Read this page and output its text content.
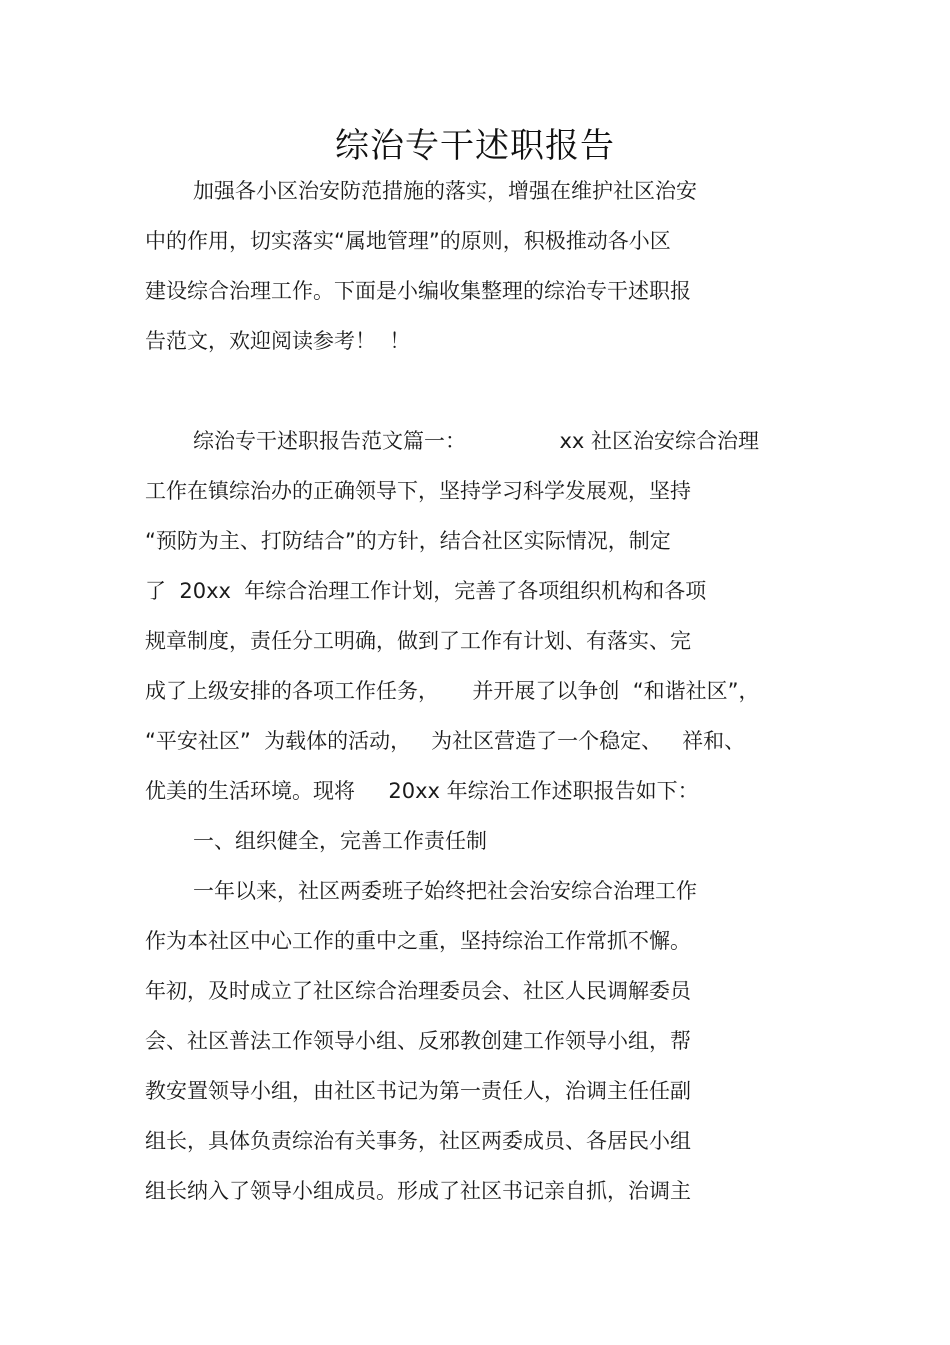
综治专干述职报告
加强各小区治安防范措施的落实，增强在维护社区治安
中的作用，切实落实“属地管理”的原则，积极推动各小区
建设综合治理工作。下面是小编收集整理的综治专干述职报
告范文，欢迎阅读参考！  ！
综治专干述职报告范文篇一：              xx 社区治安综合治理
工作在镇综治办的正确领导下，坚持学习科学发展观，坚持
“预防为主、打防结合”的方针，结合社区实际情况，制定
了  20xx  年综合治理工作计划，完善了各项组织机构和各项
规章制度，责任分工明确，做到了工作有计划、有落实、完
成了上级安排的各项工作任务，     并开展了以争创  “和谐社区”，
“平安社区”  为载体的活动，   为社区营造了一个稳定、   祥和、
优美的生活环境。现将     20xx 年综治工作述职报告如下：
一、组织健全，完善工作责任制
一年以来，社区两委班子始终把社会治安综合治理工作
作为本社区中心工作的重中之重，坚持综治工作常抓不懈。
年初，及时成立了社区综合治理委员会、社区人民调解委员
会、社区普法工作领导小组、反邪教创建工作领导小组，帮
教安置领导小组，由社区书记为第一责任人，治调主任任副
组长，具体负责综治有关事务，社区两委成员、各居民小组
组长纳入了领导小组成员。形成了社区书记亲自抓，治调主
